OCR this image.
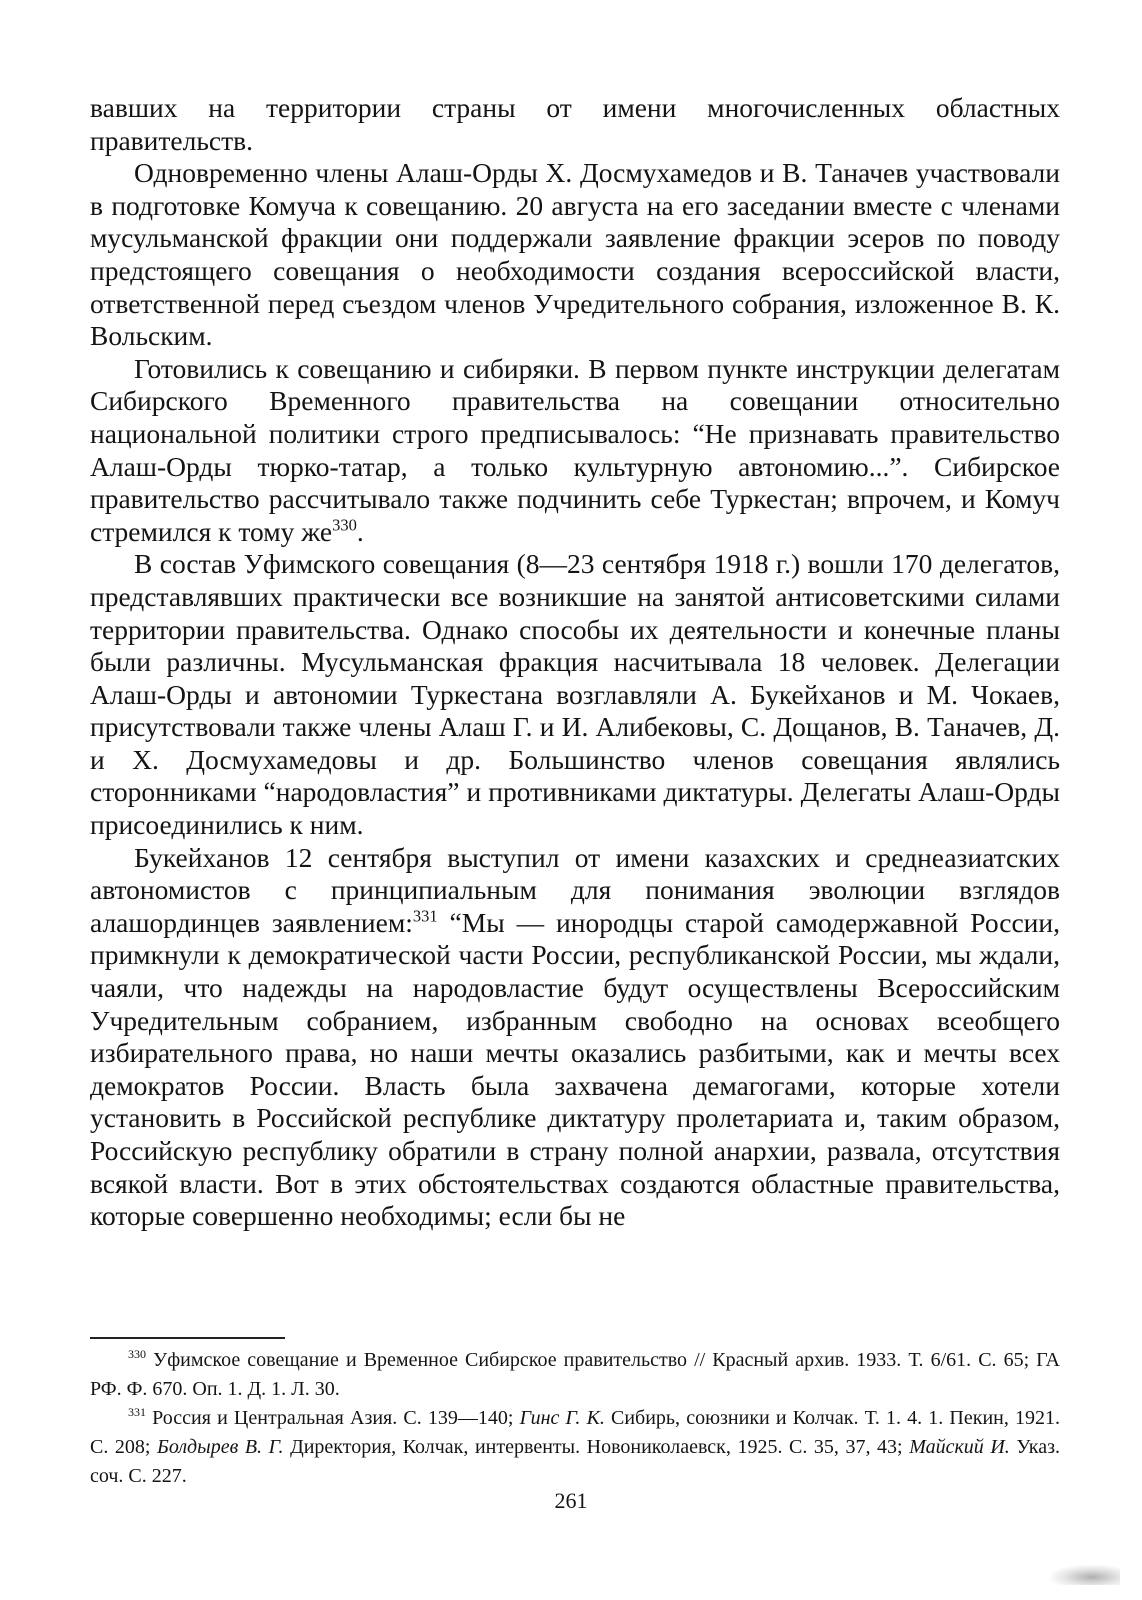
вавших на территории страны от имени многочисленных областных правительств.

Одновременно члены Алаш-Орды Х. Досмухамедов и В. Таначев участвовали в подготовке Комуча к совещанию. 20 августа на его заседании вместе с членами мусульманской фракции они поддержали заявление фракции эсеров по поводу предстоящего совещания о необходимости создания всероссийской власти, ответственной перед съездом членов Учредительного собрания, изложенное В. К. Вольским.

Готовились к совещанию и сибиряки. В первом пункте инструкции делегатам Сибирского Временного правительства на совещании относительно национальной политики строго предписывалось: “Не признавать правительство Алаш-Орды тюрко-татар, а только культурную автономию...”. Сибирское правительство рассчитывало также подчинить себе Туркестан; впрочем, и Комуч стремился к тому $же^{330}$.

В состав Уфимского совещания (8—23 сентября 1918 г.) вошли 170 делегатов, представлявших практически все возникшие на занятой антисоветскими силами территории правительства. Однако способы их деятельности и конечные планы были различны. Мусульманская фракция насчитывала 18 человек. Делегации Алаш-Орды и автономии Туркестана возглавляли А. Букейханов и М. Чокаев, присутствовали также члены Алаш Г. и И. Алибековы, С. Дощанов, В. Таначев, Д. и Х. Досмухамедовы и др. Большинство членов совещания являлись сторонниками “народовластия” и противниками диктатуры. Делегаты Алаш-Орды присоединились к ним.

Букейханов 12 сентября выступил от имени казахских и среднеазиатских автономистов с принципиальным для понимания эволюции взглядов алашординцев заявлением:$^{331}$ “Мы — инородцы старой самодержавной России, примкнули к демократической части России, республиканской России, мы ждали, чаяли, что надежды на народовластие будут осуществлены Всероссийским Учредительным собранием, избранным свободно на основах всеобщего избирательного права, но наши мечты оказались разбитыми, как и мечты всех демократов России. Власть была захвачена демагогами, которые хотели установить в Российской республике диктатуру пролетариата и, таким образом, Российскую республику обратили в страну полной анархии, развала, отсутствия всякой власти. Вот в этих обстоятельствах создаются областные правительства, которые совершенно необходимы; если бы не

$^{330}$ Уфимское совещание и Временное Сибирское правительство // Красный архив. 1933. Т. 6/61. С. 65; ГА РФ. Ф. 670. Оп. 1. Д. 1. Л. 30.

$^{331}$ Россия и Центральная Азия. С. 139—140; Гинс Г. К. Сибирь, союзники и Колчак. Т. 1. 4. 1. Пекин, 1921. С. 208; Болдырев В. Г. Директория, Колчак, интервенты. Новониколаевск, 1925. С. 35, 37, 43; Майский И. Указ. соч. С. 227.

261
